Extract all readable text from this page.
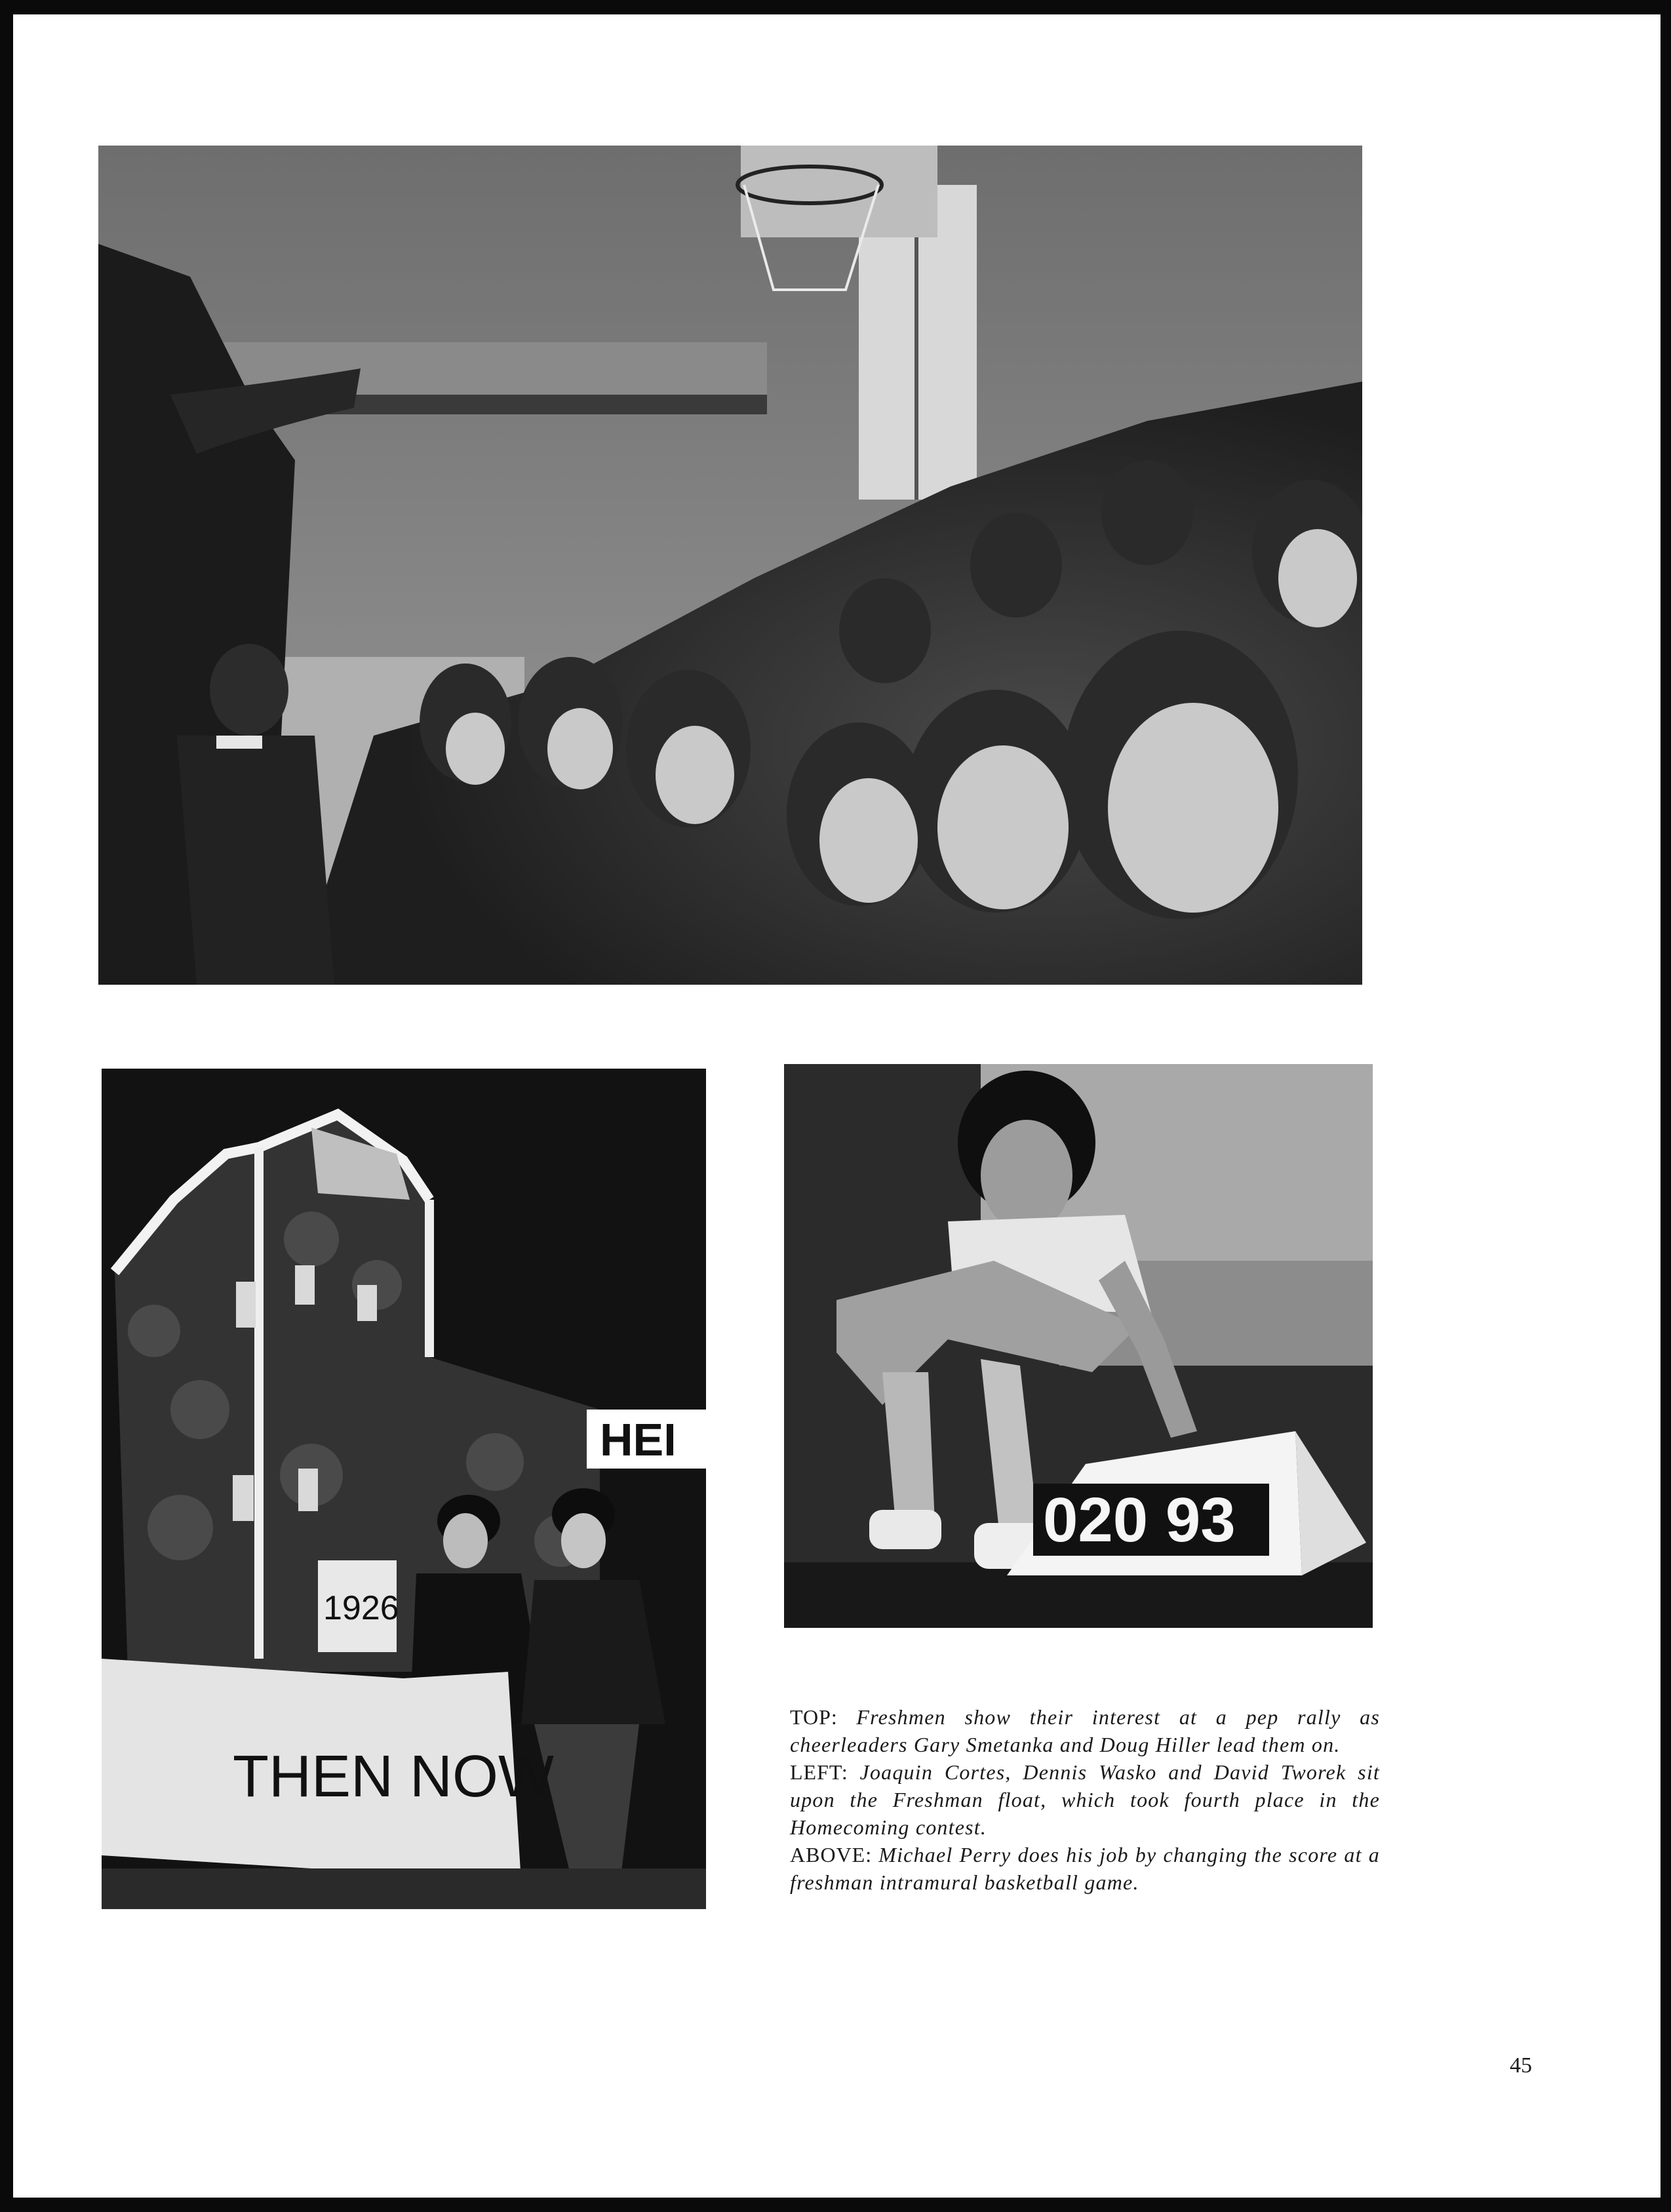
HEI
1926
THEN NOW
020 93

TOP: Freshmen show their interest at a pep rally as cheerleaders Gary Smetanka and Doug Hiller lead them on.

LEFT: Joaquin Cortes, Dennis Wasko and David Tworek sit upon the Freshman float, which took fourth place in the Homecoming contest.

ABOVE: Michael Perry does his job by changing the score at a freshman intramural basketball game.

45
